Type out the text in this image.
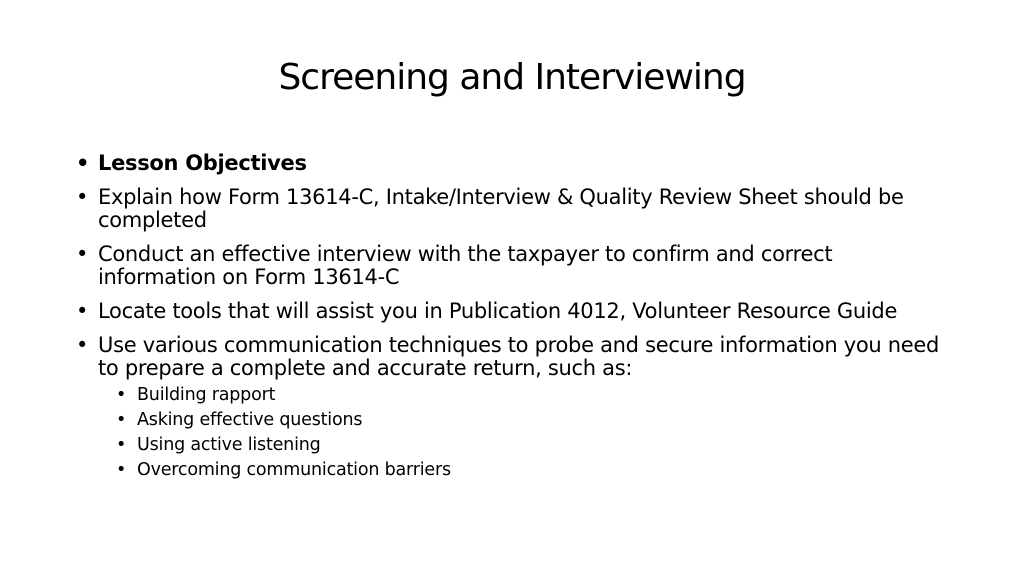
Screening and Interviewing
• Lesson Objectives
• Explain how Form 13614-C, Intake/Interview & Quality Review Sheet should be completed
• Conduct an effective interview with the taxpayer to confirm and correct information on Form 13614-C
• Locate tools that will assist you in Publication 4012, Volunteer Resource Guide
• Use various communication techniques to probe and secure information you need to prepare a complete and accurate return, such as:
• Building rapport
• Asking effective questions
• Using active listening
• Overcoming communication barriers
